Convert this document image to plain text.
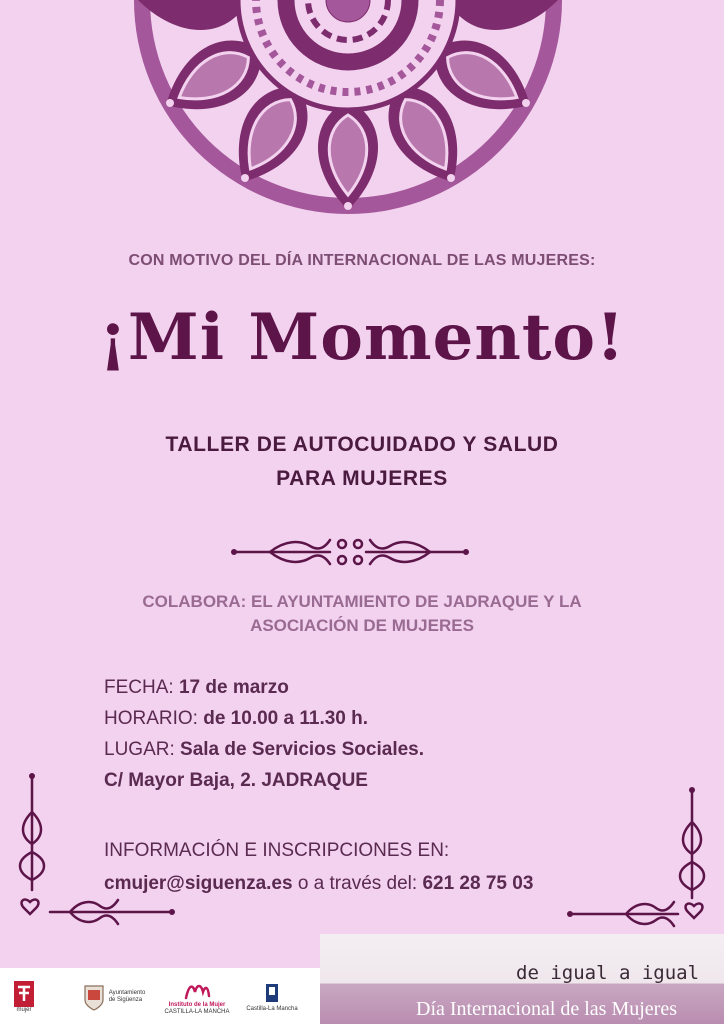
CON MOTIVO DEL DÍA INTERNACIONAL DE LAS MUJERES:
¡Mi Momento!
TALLER DE AUTOCUIDADO Y SALUD
PARA MUJERES
COLABORA: EL AYUNTAMIENTO DE JADRAQUE Y LA
ASOCIACIÓN DE MUJERES
FECHA: 17 de marzo
HORARIO: de 10.00 a 11.30 h.
LUGAR: Sala de Servicios Sociales.
C/ Mayor Baja, 2. JADRAQUE
INFORMACIÓN E INSCRIPCIONES EN:
cmujer@siguenza.es o a través del: 621 28 75 03
mujer
Ayuntamiento
de Sigüenza
Instituto de la Mujer
CASTILLA-LA MANCHA
Castilla-La Mancha
de igual a igual
Día Internacional de las Mujeres
